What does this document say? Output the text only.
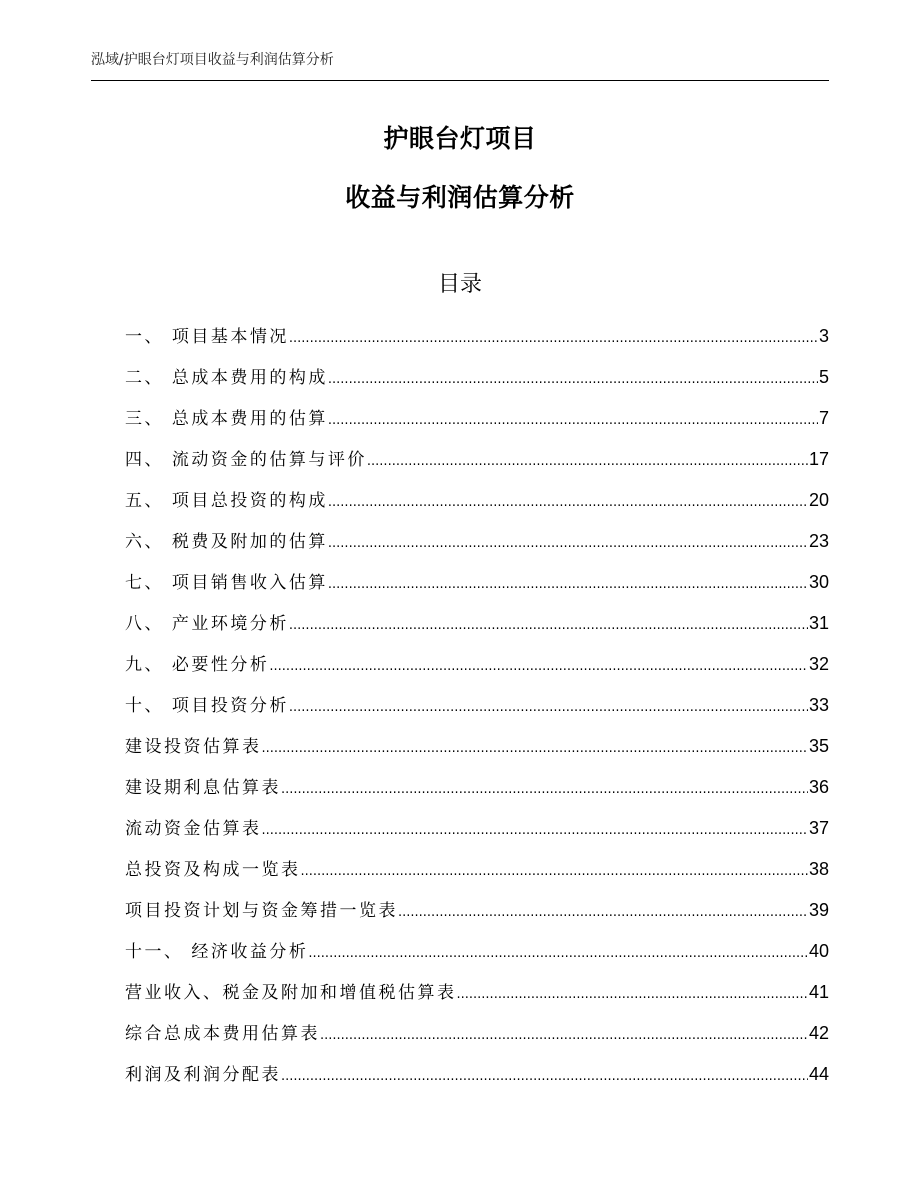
泓域/护眼台灯项目收益与利润估算分析
护眼台灯项目
收益与利润估算分析
目录
一、 项目基本情况 .....	3
二、 总成本费用的构成 .....	5
三、 总成本费用的估算 .....	7
四、 流动资金的估算与评价 .....	17
五、 项目总投资的构成 .....	20
六、 税费及附加的估算 .....	23
七、 项目销售收入估算 .....	30
八、 产业环境分析 .....	31
九、 必要性分析 .....	32
十、 项目投资分析 .....	33
建设投资估算表 .....	35
建设期利息估算表 .....	36
流动资金估算表 .....	37
总投资及构成一览表 .....	38
项目投资计划与资金筹措一览表 .....	39
十一、 经济收益分析 .....	40
营业收入、税金及附加和增值税估算表 .....	41
综合总成本费用估算表 .....	42
利润及利润分配表 .....	44
